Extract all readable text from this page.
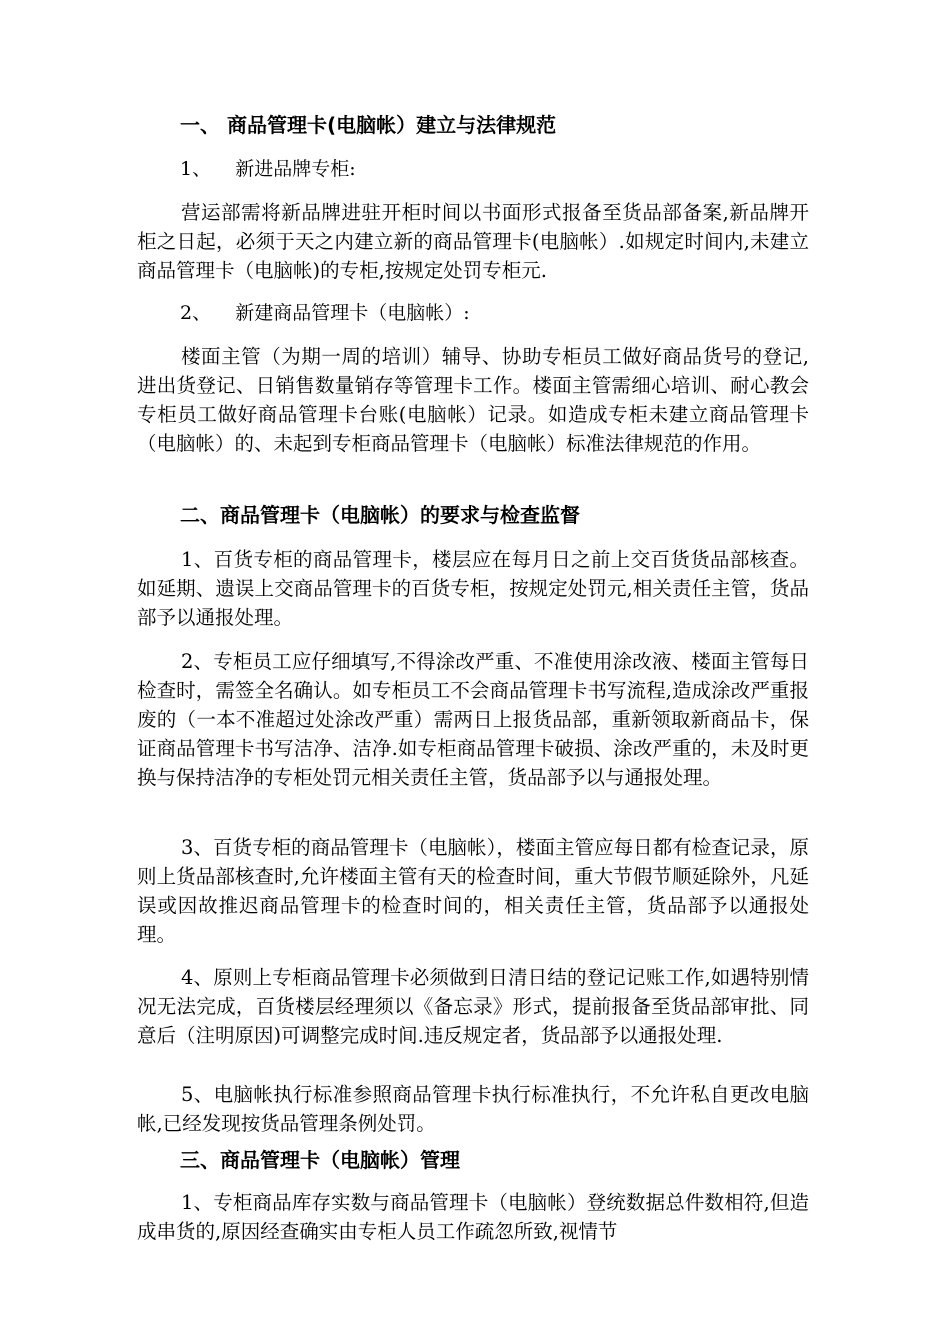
一、 商品管理卡(电脑帐）建立与法律规范
1、    新进品牌专柜:
营运部需将新品牌进驻开柜时间以书面形式报备至货品部备案,新品牌开柜之日起，必须于天之内建立新的商品管理卡(电脑帐）.如规定时间内,未建立商品管理卡（电脑帐)的专柜,按规定处罚专柜元.
2、    新建商品管理卡（电脑帐）:
楼面主管（为期一周的培训）辅导、协助专柜员工做好商品货号的登记,进出货登记、日销售数量销存等管理卡工作。楼面主管需细心培训、耐心教会专柜员工做好商品管理卡台账(电脑帐）记录。如造成专柜未建立商品管理卡（电脑帐）的、未起到专柜商品管理卡（电脑帐）标准法律规范的作用。
二、商品管理卡（电脑帐）的要求与检查监督
1、百货专柜的商品管理卡，楼层应在每月日之前上交百货货品部核查。如延期、遗误上交商品管理卡的百货专柜，按规定处罚元,相关责任主管，货品部予以通报处理。
2、专柜员工应仔细填写,不得涂改严重、不准使用涂改液、楼面主管每日检查时，需签全名确认。如专柜员工不会商品管理卡书写流程,造成涂改严重报废的（一本不准超过处涂改严重）需两日上报货品部，重新领取新商品卡，保证商品管理卡书写洁净、洁净.如专柜商品管理卡破损、涂改严重的，未及时更换与保持洁净的专柜处罚元相关责任主管，货品部予以与通报处理。
3、百货专柜的商品管理卡（电脑帐），楼面主管应每日都有检查记录，原则上货品部核查时,允许楼面主管有天的检查时间，重大节假节顺延除外，凡延误或因故推迟商品管理卡的检查时间的，相关责任主管，货品部予以通报处理。
4、原则上专柜商品管理卡必须做到日清日结的登记记账工作,如遇特别情况无法完成，百货楼层经理须以《备忘录》形式，提前报备至货品部审批、同意后（注明原因)可调整完成时间.违反规定者，货品部予以通报处理.
5、电脑帐执行标准参照商品管理卡执行标准执行，不允许私自更改电脑帐,已经发现按货品管理条例处罚。
三、商品管理卡（电脑帐）管理
1、专柜商品库存实数与商品管理卡（电脑帐）登统数据总件数相符,但造成串货的,原因经查确实由专柜人员工作疏忽所致,视情节
